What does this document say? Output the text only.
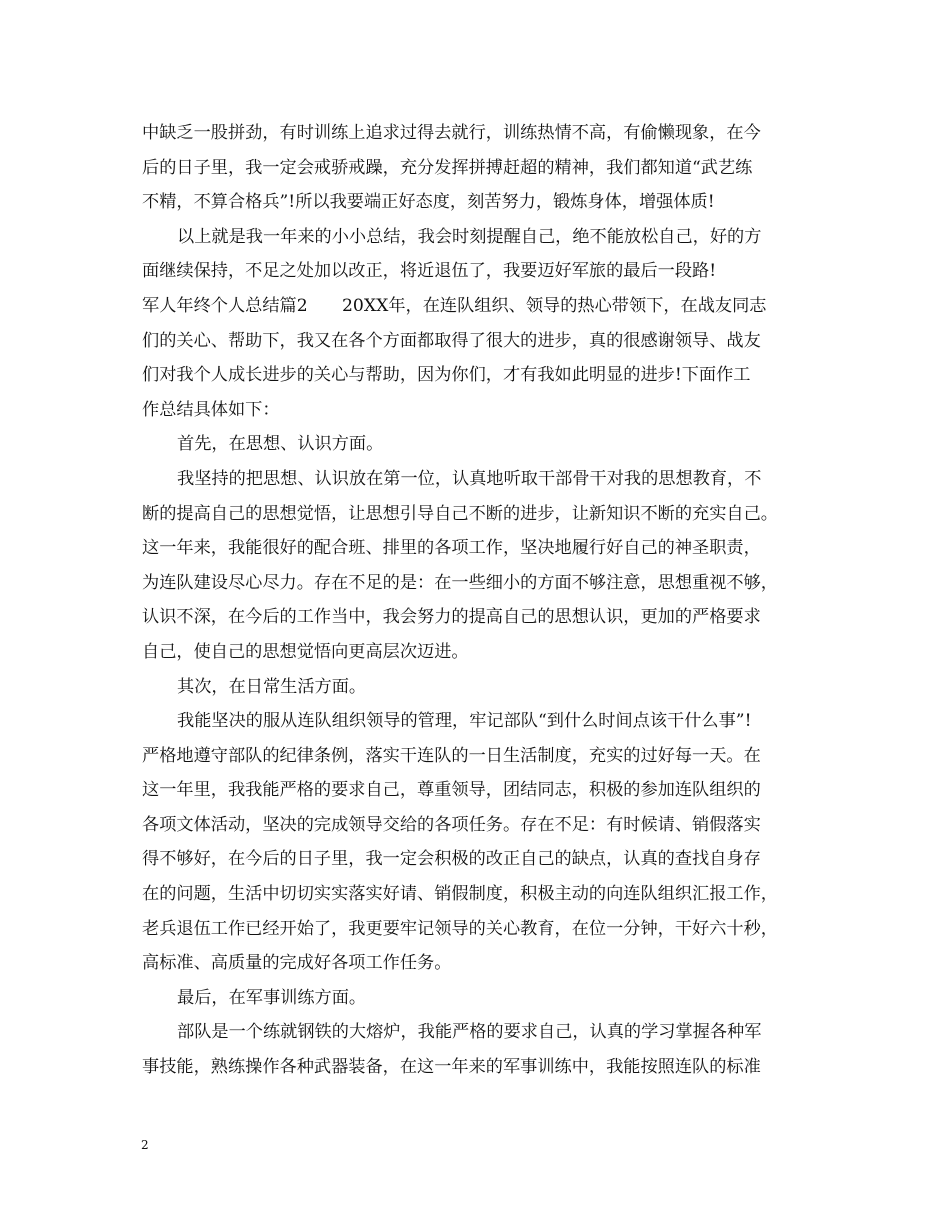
中缺乏一股拼劲，有时训练上追求过得去就行，训练热情不高，有偷懒现象，在今
后的日子里，我一定会戒骄戒躁，充分发挥拼搏赶超的精神，我们都知道“武艺练
不精，不算合格兵”!所以我要端正好态度，刻苦努力，锻炼身体，增强体质!
以上就是我一年来的小小总结，我会时刻提醒自己，绝不能放松自己，好的方
面继续保持，不足之处加以改正，将近退伍了，我要迈好军旅的最后一段路!
军人年终个人总结篇2　　20XX年，在连队组织、领导的热心带领下，在战友同志
们的关心、帮助下，我又在各个方面都取得了很大的进步，真的很感谢领导、战友
们对我个人成长进步的关心与帮助，因为你们，才有我如此明显的进步!下面作工
作总结具体如下：
首先，在思想、认识方面。
我坚持的把思想、认识放在第一位，认真地听取干部骨干对我的思想教育，不
断的提高自己的思想觉悟，让思想引导自己不断的进步，让新知识不断的充实自己。
这一年来，我能很好的配合班、排里的各项工作，坚决地履行好自己的神圣职责，
为连队建设尽心尽力。存在不足的是：在一些细小的方面不够注意，思想重视不够，
认识不深，在今后的工作当中，我会努力的提高自己的思想认识，更加的严格要求
自己，使自己的思想觉悟向更高层次迈进。
其次，在日常生活方面。
我能坚决的服从连队组织领导的管理，牢记部队“到什么时间点该干什么事”!
严格地遵守部队的纪律条例，落实干连队的一日生活制度，充实的过好每一天。在
这一年里，我我能严格的要求自己，尊重领导，团结同志，积极的参加连队组织的
各项文体活动，坚决的完成领导交给的各项任务。存在不足：有时候请、销假落实
得不够好，在今后的日子里，我一定会积极的改正自己的缺点，认真的查找自身存
在的问题，生活中切切实实落实好请、销假制度，积极主动的向连队组织汇报工作，
老兵退伍工作已经开始了，我更要牢记领导的关心教育，在位一分钟，干好六十秒，
高标准、高质量的完成好各项工作任务。
最后，在军事训练方面。
部队是一个练就钢铁的大熔炉，我能严格的要求自己，认真的学习掌握各种军
事技能，熟练操作各种武器装备，在这一年来的军事训练中，我能按照连队的标准
2
